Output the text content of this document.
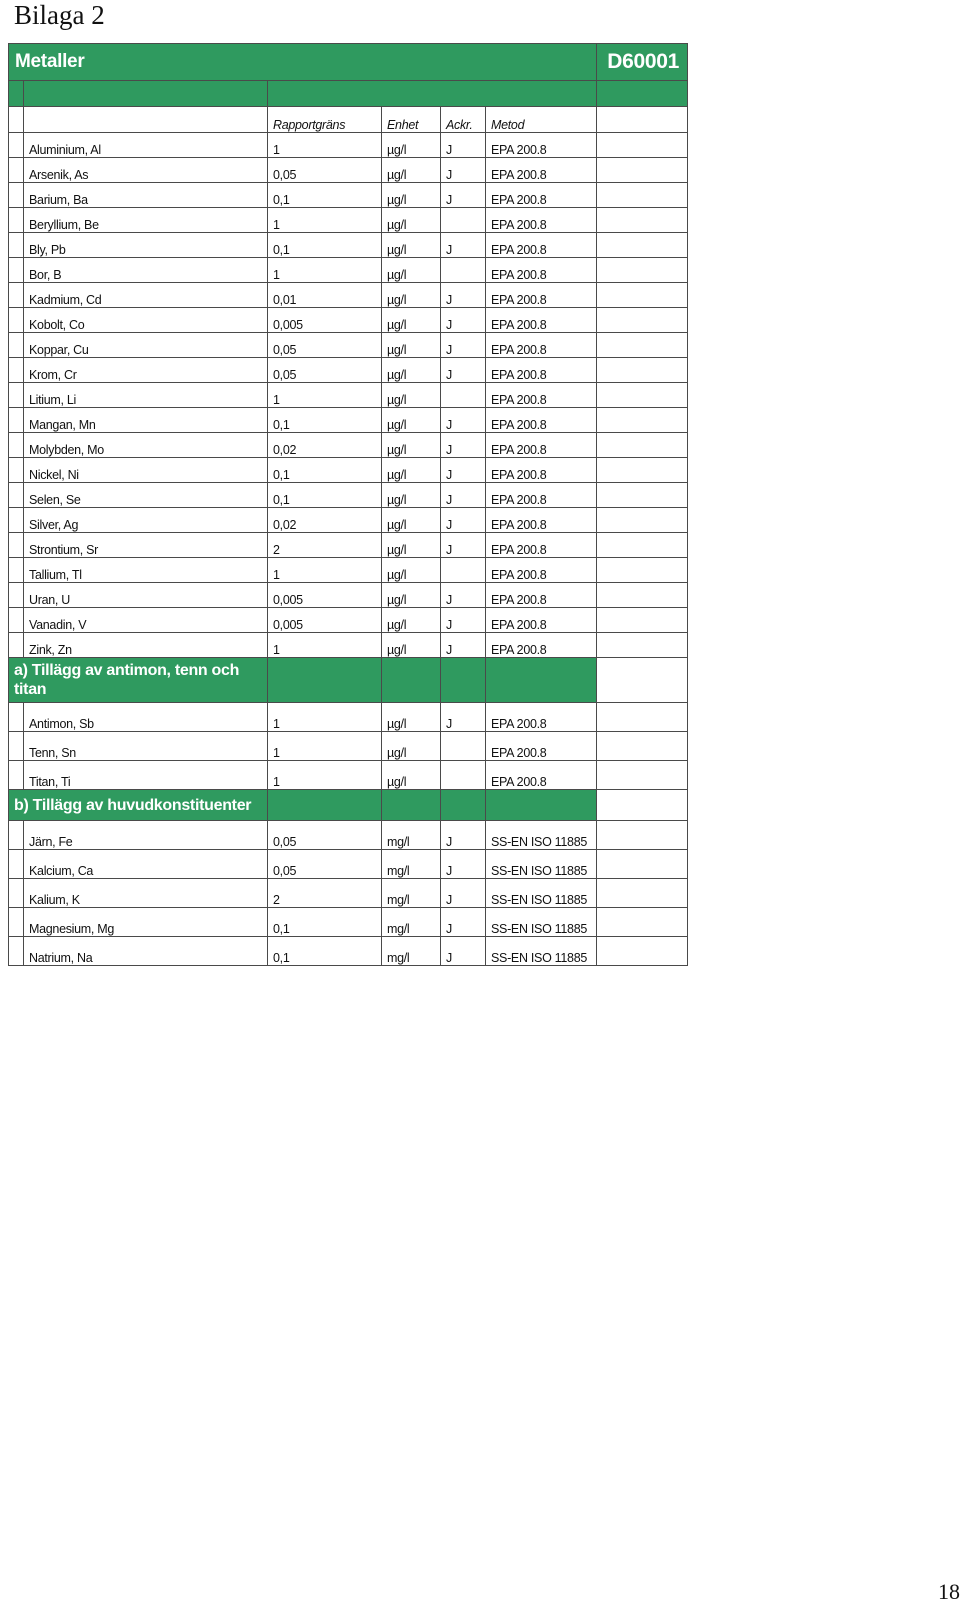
Bilaga 2
Metaller						D60001

		Rapportgräns	Enhet	Ackr.	Metod	
	Aluminium, Al	1	µg/l	J	EPA 200.8	
	Arsenik, As	0,05	µg/l	J	EPA 200.8	
	Barium, Ba	0,1	µg/l	J	EPA 200.8	
	Beryllium, Be	1	µg/l		EPA 200.8	
	Bly, Pb	0,1	µg/l	J	EPA 200.8	
	Bor, B	1	µg/l		EPA 200.8	
	Kadmium, Cd	0,01	µg/l	J	EPA 200.8	
	Kobolt, Co	0,005	µg/l	J	EPA 200.8	
	Koppar, Cu	0,05	µg/l	J	EPA 200.8	
	Krom, Cr	0,05	µg/l	J	EPA 200.8	
	Litium, Li	1	µg/l		EPA 200.8	
	Mangan, Mn	0,1	µg/l	J	EPA 200.8	
	Molybden, Mo	0,02	µg/l	J	EPA 200.8	
	Nickel, Ni	0,1	µg/l	J	EPA 200.8	
	Selen, Se	0,1	µg/l	J	EPA 200.8	
	Silver, Ag	0,02	µg/l	J	EPA 200.8	
	Strontium, Sr	2	µg/l	J	EPA 200.8	
	Tallium, Tl	1	µg/l		EPA 200.8	
	Uran, U	0,005	µg/l	J	EPA 200.8	
	Vanadin, V	0,005	µg/l	J	EPA 200.8	
	Zink, Zn	1	µg/l	J	EPA 200.8	
a) Tillägg av antimon, tenn och titan						
	Antimon, Sb	1	µg/l	J	EPA 200.8	
	Tenn, Sn	1	µg/l		EPA 200.8	
	Titan, Ti	1	µg/l		EPA 200.8	
b) Tillägg av huvudkonstituenter						
	Järn, Fe	0,05	mg/l	J	SS-EN ISO 11885	
	Kalcium, Ca	0,05	mg/l	J	SS-EN ISO 11885	
	Kalium, K	2	mg/l	J	SS-EN ISO 11885	
	Magnesium, Mg	0,1	mg/l	J	SS-EN ISO 11885	
	Natrium, Na	0,1	mg/l	J	SS-EN ISO 11885	
18
